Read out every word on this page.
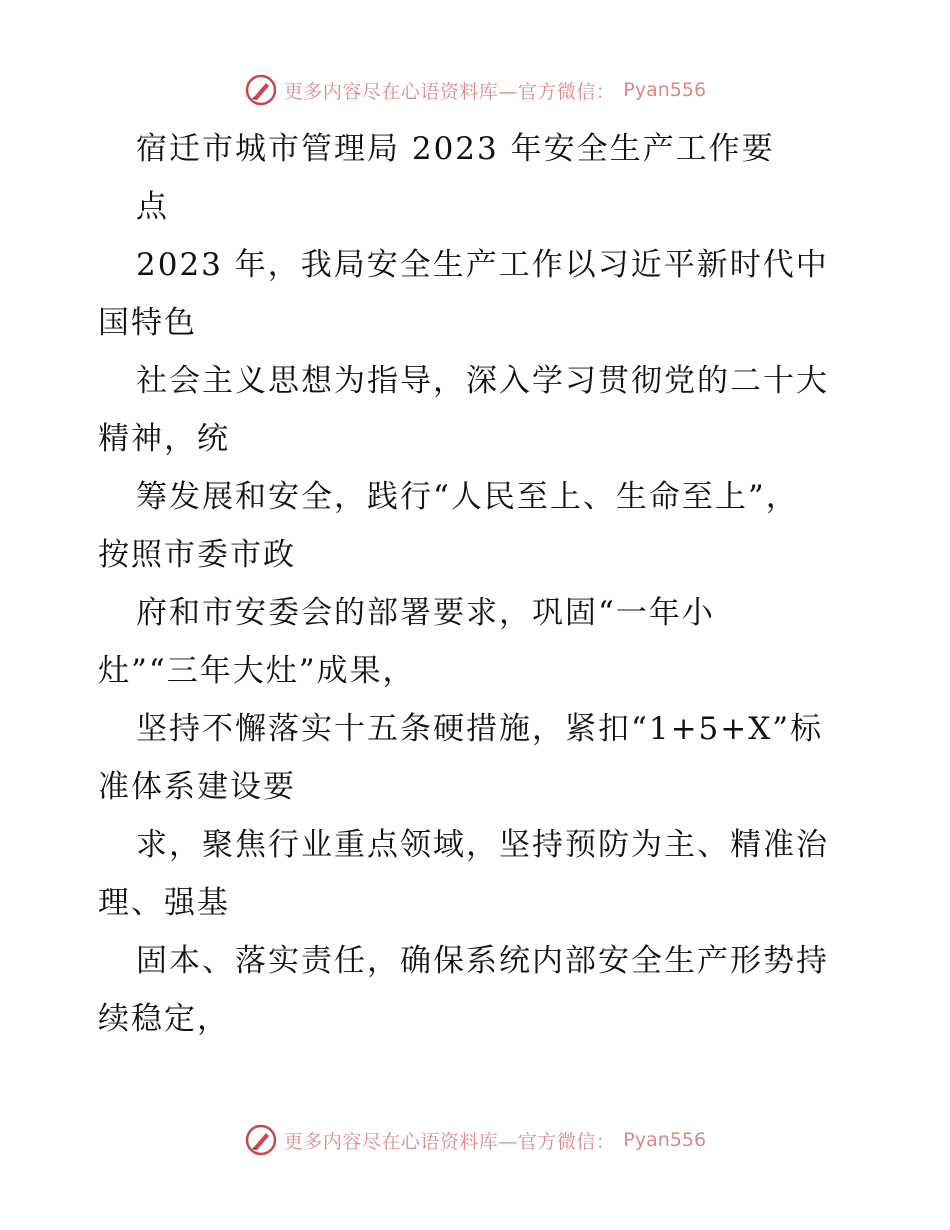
更多内容尽在心语资料库—官方微信： Pyan556
宿迁市城市管理局 2023 年安全生产工作要
点
2023 年，我局安全生产工作以习近平新时代中
国特色
社会主义思想为指导，深入学习贯彻党的二十大
精神，统
筹发展和安全，践行“人民至上、生命至上”，
按照市委市政
府和市安委会的部署要求，巩固“一年小
灶”“三年大灶”成果，
坚持不懈落实十五条硬措施，紧扣“1+5+X”标
准体系建设要
求，聚焦行业重点领域，坚持预防为主、精准治
理、强基
固本、落实责任，确保系统内部安全生产形势持
续稳定，
更多内容尽在心语资料库—官方微信： Pyan556
